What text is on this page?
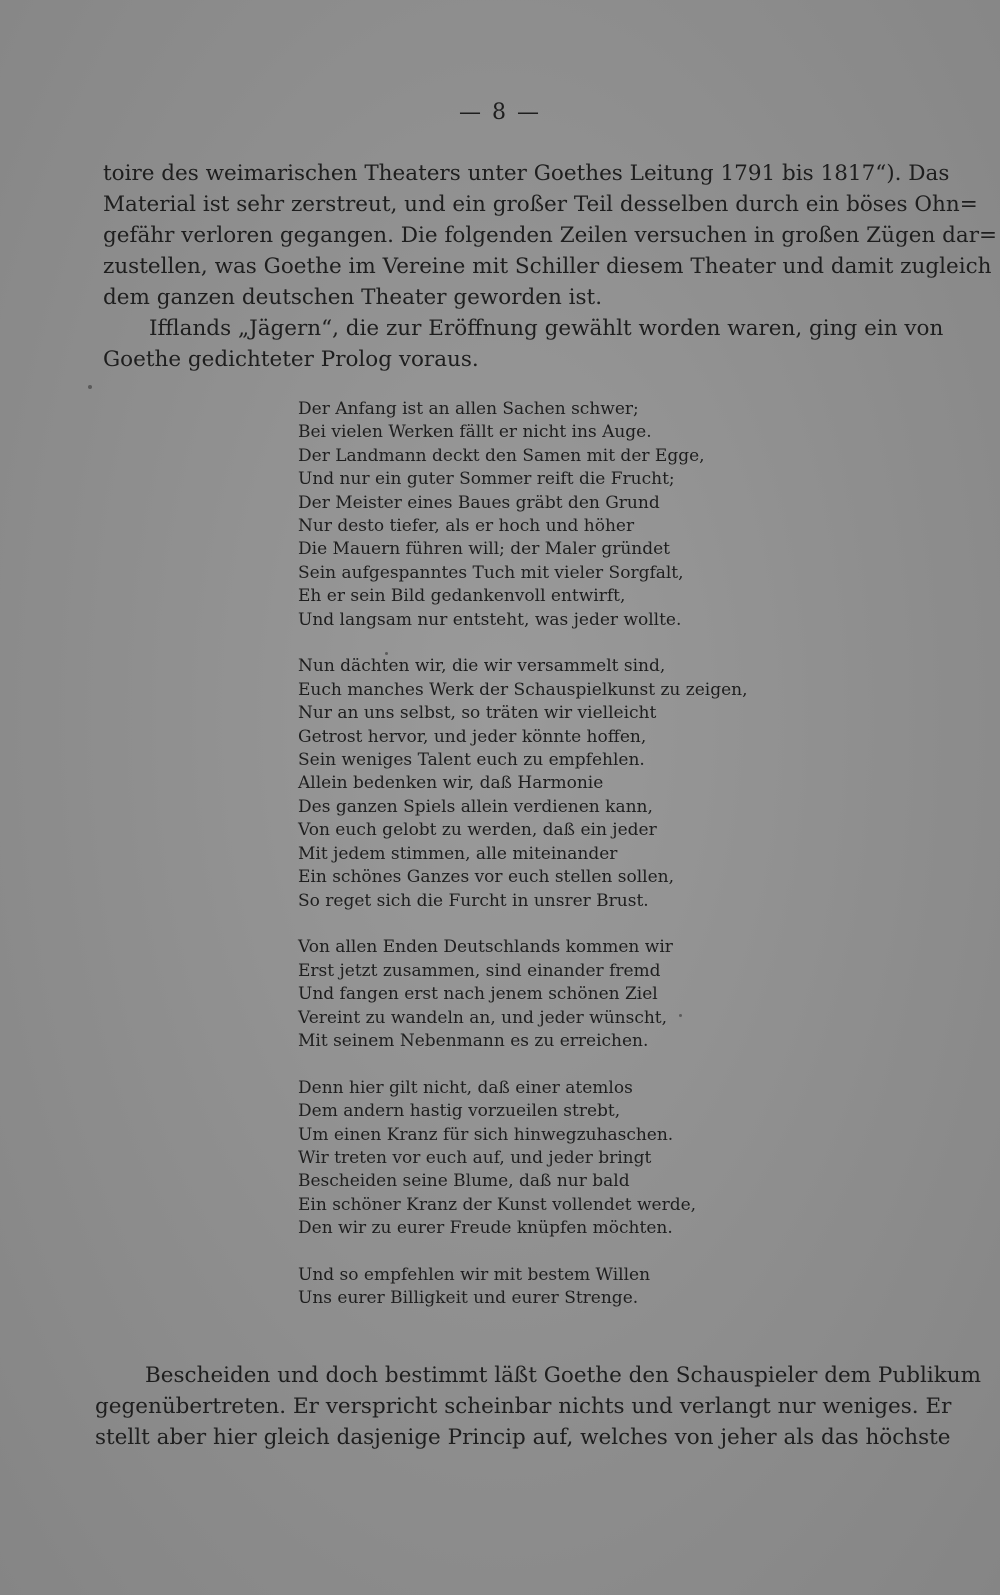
— 8 —
toire des weimarischen Theaters unter Goethes Leitung 1791 bis 1817“). Das
Material ist sehr zerstreut, und ein großer Teil desselben durch ein böses Ohn=
gefähr verloren gegangen. Die folgenden Zeilen versuchen in großen Zügen dar=
zustellen, was Goethe im Vereine mit Schiller diesem Theater und damit zugleich
dem ganzen deutschen Theater geworden ist.
Ifflands „Jägern“, die zur Eröffnung gewählt worden waren, ging ein von
Goethe gedichteter Prolog voraus.
Der Anfang ist an allen Sachen schwer;
Bei vielen Werken fällt er nicht ins Auge.
Der Landmann deckt den Samen mit der Egge,
Und nur ein guter Sommer reift die Frucht;
Der Meister eines Baues gräbt den Grund
Nur desto tiefer, als er hoch und höher
Die Mauern führen will; der Maler gründet
Sein aufgespanntes Tuch mit vieler Sorgfalt,
Eh er sein Bild gedankenvoll entwirft,
Und langsam nur entsteht, was jeder wollte.
Nun dächten wir, die wir versammelt sind,
Euch manches Werk der Schauspielkunst zu zeigen,
Nur an uns selbst, so träten wir vielleicht
Getrost hervor, und jeder könnte hoffen,
Sein weniges Talent euch zu empfehlen.
Allein bedenken wir, daß Harmonie
Des ganzen Spiels allein verdienen kann,
Von euch gelobt zu werden, daß ein jeder
Mit jedem stimmen, alle miteinander
Ein schönes Ganzes vor euch stellen sollen,
So reget sich die Furcht in unsrer Brust.
Von allen Enden Deutschlands kommen wir
Erst jetzt zusammen, sind einander fremd
Und fangen erst nach jenem schönen Ziel
Vereint zu wandeln an, und jeder wünscht,
Mit seinem Nebenmann es zu erreichen.
Denn hier gilt nicht, daß einer atemlos
Dem andern hastig vorzueilen strebt,
Um einen Kranz für sich hinwegzuhaschen.
Wir treten vor euch auf, und jeder bringt
Bescheiden seine Blume, daß nur bald
Ein schöner Kranz der Kunst vollendet werde,
Den wir zu eurer Freude knüpfen möchten.
Und so empfehlen wir mit bestem Willen
Uns eurer Billigkeit und eurer Strenge.
Bescheiden und doch bestimmt läßt Goethe den Schauspieler dem Publikum
gegenübertreten. Er verspricht scheinbar nichts und verlangt nur weniges. Er
stellt aber hier gleich dasjenige Princip auf, welches von jeher als das höchste
